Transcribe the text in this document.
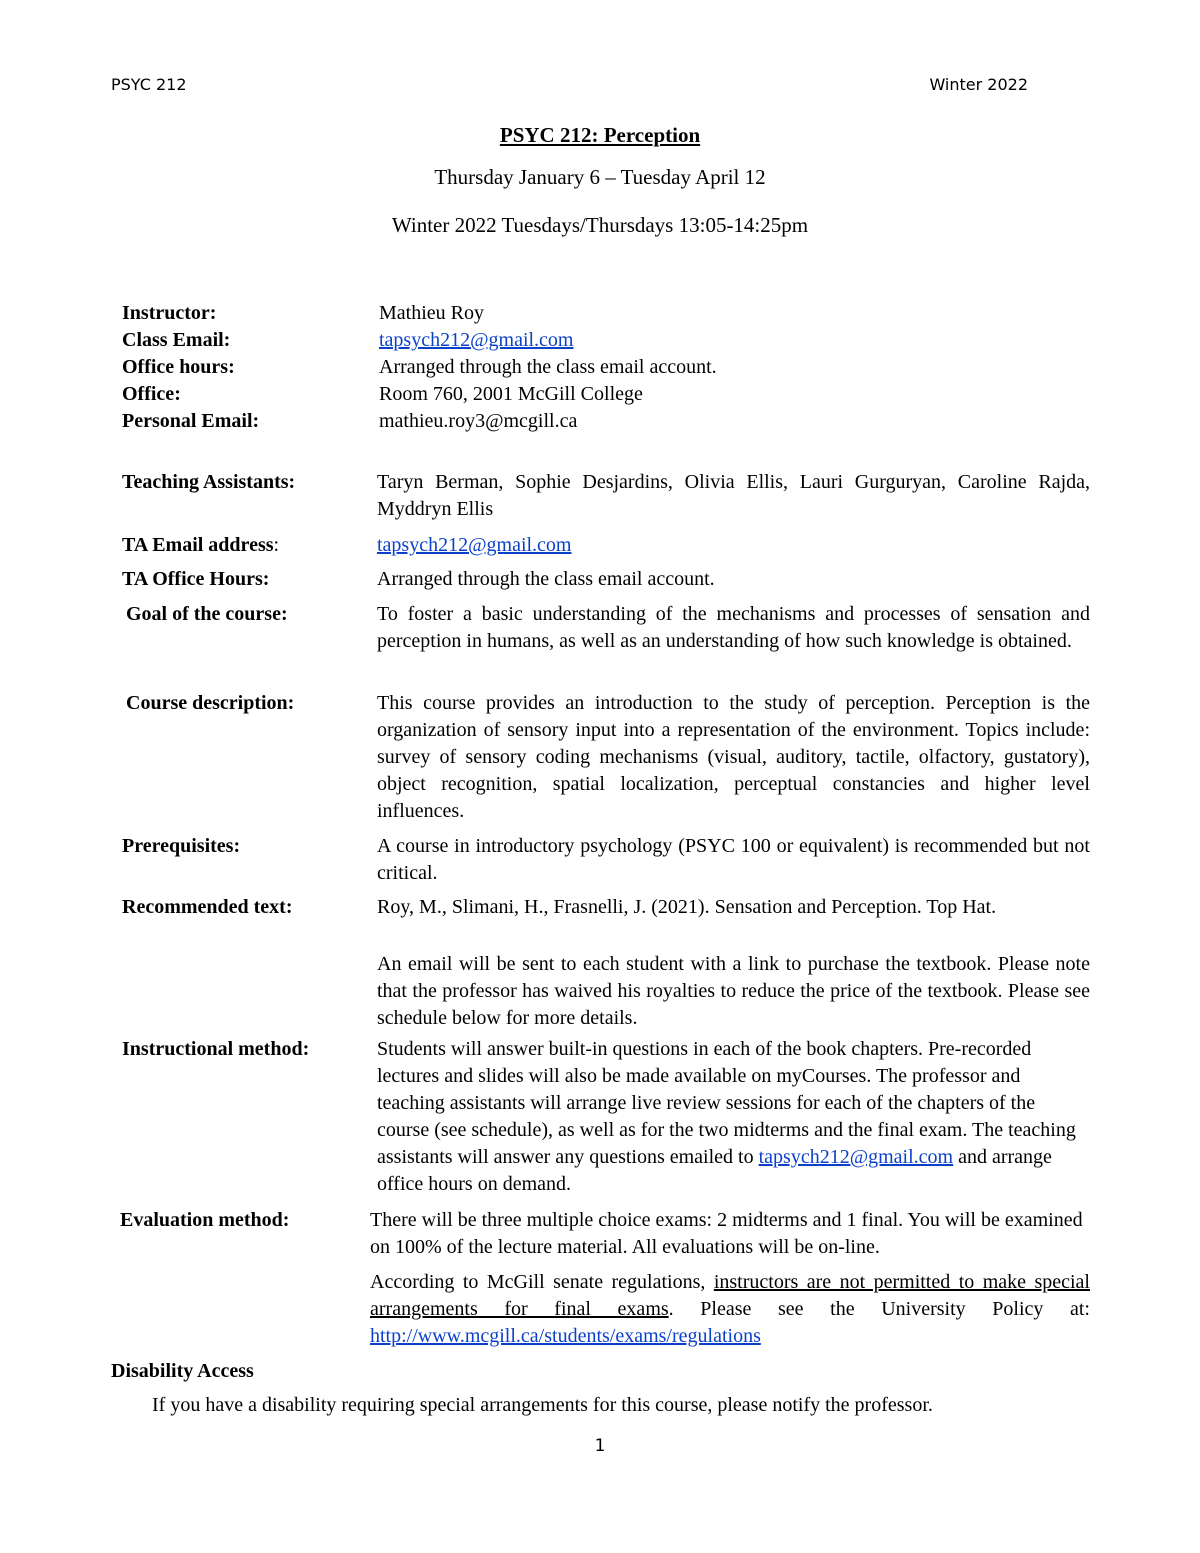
PSYC 212	Winter 2022
PSYC 212: Perception
Thursday January 6 – Tuesday April 12
Winter 2022 Tuesdays/Thursdays 13:05-14:25pm
Instructor:	Mathieu Roy
Class Email:	tapsych212@gmail.com
Office hours:	Arranged through the class email account.
Office:	Room 760, 2001 McGill College
Personal Email:	mathieu.roy3@mcgill.ca
Teaching Assistants:	Taryn Berman, Sophie Desjardins, Olivia Ellis, Lauri Gurguryan, Caroline Rajda, Myddryn Ellis
TA Email address:	tapsych212@gmail.com
TA Office Hours:	Arranged through the class email account.
Goal of the course:	To foster a basic understanding of the mechanisms and processes of sensation and perception in humans, as well as an understanding of how such knowledge is obtained.
Course description:	This course provides an introduction to the study of perception. Perception is the organization of sensory input into a representation of the environment. Topics include: survey of sensory coding mechanisms (visual, auditory, tactile, olfactory, gustatory), object recognition, spatial localization, perceptual constancies and higher level influences.
Prerequisites:	A course in introductory psychology (PSYC 100 or equivalent) is recommended but not critical.
Recommended text:	Roy, M., Slimani, H., Frasnelli, J. (2021). Sensation and Perception. Top Hat.
An email will be sent to each student with a link to purchase the textbook. Please note that the professor has waived his royalties to reduce the price of the textbook. Please see schedule below for more details.
Instructional method:	Students will answer built-in questions in each of the book chapters. Pre-recorded lectures and slides will also be made available on myCourses. The professor and teaching assistants will arrange live review sessions for each of the chapters of the course (see schedule), as well as for the two midterms and the final exam. The teaching assistants will answer any questions emailed to tapsych212@gmail.com and arrange office hours on demand.
Evaluation method:	There will be three multiple choice exams: 2 midterms and 1 final. You will be examined on 100% of the lecture material. All evaluations will be on-line.
According to McGill senate regulations, instructors are not permitted to make special arrangements for final exams. Please see the University Policy at: http://www.mcgill.ca/students/exams/regulations
Disability Access
If you have a disability requiring special arrangements for this course, please notify the professor.
1
